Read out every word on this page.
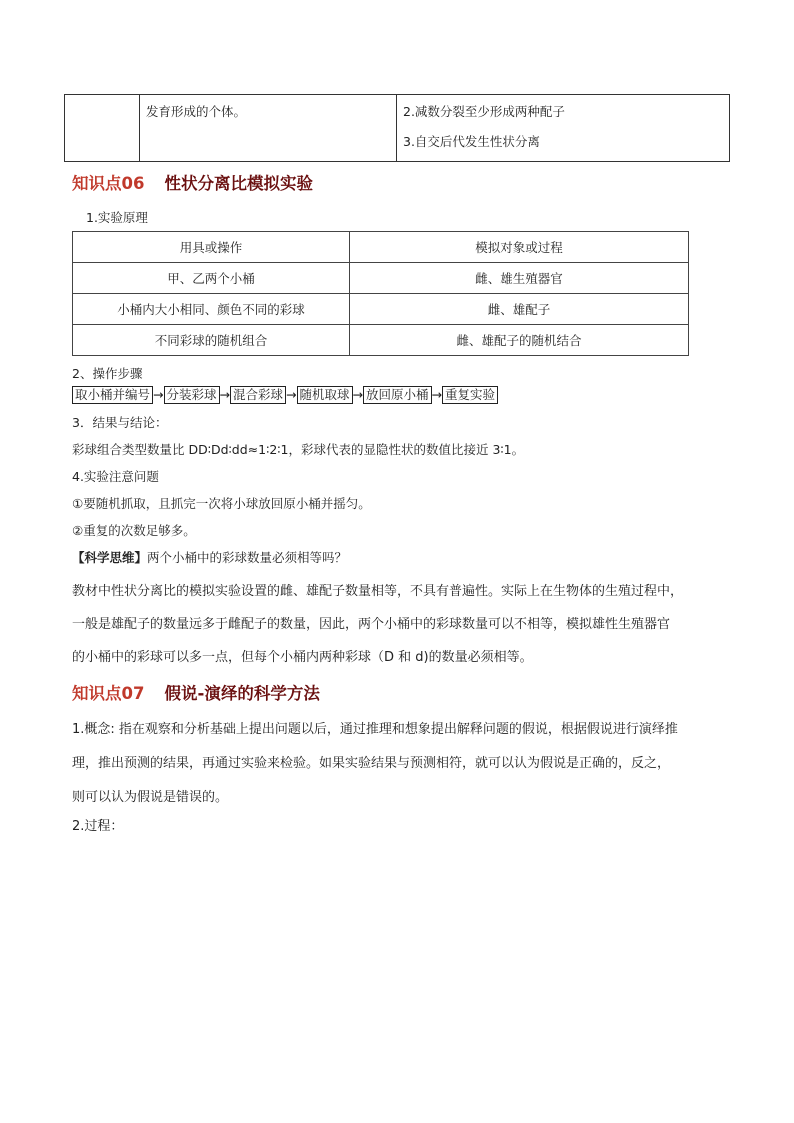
	发育形成的个体。	2.减数分裂至少形成两种配子
3.自交后代发生性状分离
知识点06 性状分离比模拟实验
1.实验原理
用具或操作	模拟对象或过程
甲、乙两个小桶	雌、雄生殖器官
小桶内大小相同、颜色不同的彩球	雌、雄配子
不同彩球的随机组合	雌、雄配子的随机结合
2、操作步骤
取小桶并编号 → 分装彩球 → 混合彩球 → 随机取球 → 放回原小桶 → 重复实验
3．结果与结论：
彩球组合类型数量比 DD∶Dd∶dd≈1∶2∶1，彩球代表的显隐性状的数值比接近 3∶1。
4.实验注意问题
①要随机抓取，且抓完一次将小球放回原小桶并摇匀。
②重复的次数足够多。
【科学思维】两个小桶中的彩球数量必须相等吗？
教材中性状分离比的模拟实验设置的雌、雄配子数量相等，不具有普遍性。实际上在生物体的生殖过程中，
一般是雄配子的数量远多于雌配子的数量，因此，两个小桶中的彩球数量可以不相等，模拟雄性生殖器官
的小桶中的彩球可以多一点，但每个小桶内两种彩球（D 和 d)的数量必须相等。
知识点07 假说-演绎的科学方法
1.概念: 指在观察和分析基础上提出问题以后，通过推理和想象提出解释问题的假说，根据假说进行演绎推
理，推出预测的结果，再通过实验来检验。如果实验结果与预测相符，就可以认为假说是正确的，反之，
则可以认为假说是错误的。
2.过程：
